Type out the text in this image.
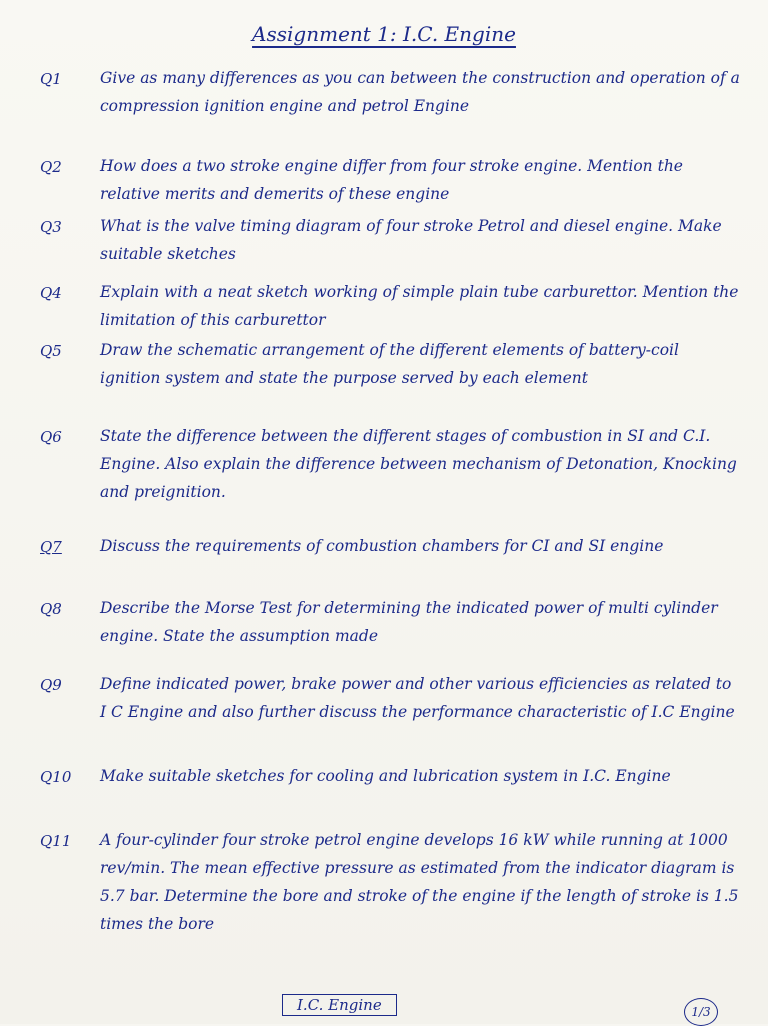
Assignment 1: I.C. Engine
Q1	Give as many differences as you can between the construction and operation of a compression ignition engine and petrol Engine
Q2	How does a two stroke engine differ from four stroke engine. Mention the relative merits and demerits of these engine
Q3	What is the valve timing diagram of four stroke Petrol and diesel engine. Make suitable sketches
Q4	Explain with a neat sketch working of simple plain tube carburettor. Mention the limitation of this carburettor
Q5	Draw the schematic arrangement of the different elements of battery-coil ignition system and state the purpose served by each element
Q6	State the difference between the different stages of combustion in SI and C.I. Engine. Also explain the difference between mechanism of Detonation, Knocking and preignition.
Q7	Discuss the requirements of combustion chambers for CI and SI engine
Q8	Describe the Morse Test for determining the indicated power of multi cylinder engine. State the assumption made
Q9	Define indicated power, brake power and other various efficiencies as related to I C Engine and also further discuss the performance characteristic of I.C Engine
Q10	Make suitable sketches for cooling and lubrication system in I.C. Engine
Q11	A four-cylinder four stroke petrol engine develops 16 kW while running at 1000 rev/min. The mean effective pressure as estimated from the indicator diagram is 5.7 bar. Determine the bore and stroke of the engine if the length of stroke is 1.5 times the bore
I.C. Engine	1/3
